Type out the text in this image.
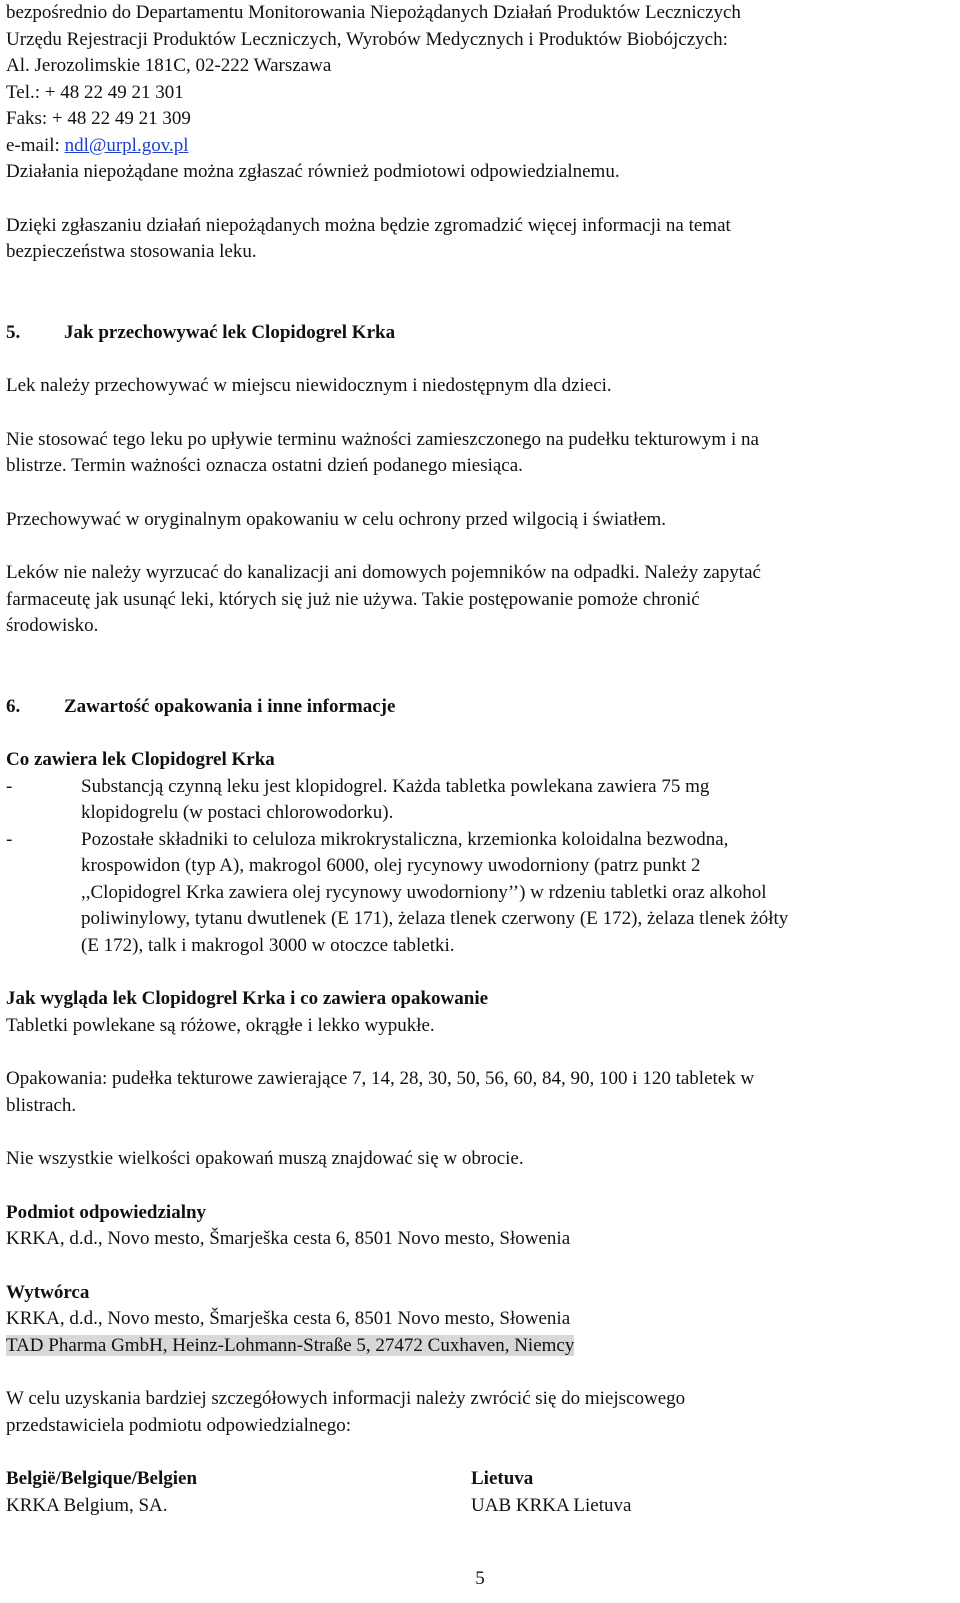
bezpośrednio do Departamentu Monitorowania Niepożądanych Działań Produktów Leczniczych
Urzędu Rejestracji Produktów Leczniczych, Wyrobów Medycznych i Produktów Biobójczych:
Al. Jerozolimskie 181C, 02-222 Warszawa
Tel.: + 48 22 49 21 301
Faks: + 48 22 49 21 309
e-mail: ndl@urpl.gov.pl
Działania niepożądane można zgłaszać również podmiotowi odpowiedzialnemu.
Dzięki zgłaszaniu działań niepożądanych można będzie zgromadzić więcej informacji na temat
bezpieczeństwa stosowania leku.
5. Jak przechowywać lek Clopidogrel Krka
Lek należy przechowywać w miejscu niewidocznym i niedostępnym dla dzieci.
Nie stosować tego leku po upływie terminu ważności zamieszczonego na pudełku tekturowym i na
blistrze. Termin ważności oznacza ostatni dzień podanego miesiąca.
Przechowywać w oryginalnym opakowaniu w celu ochrony przed wilgocią i światłem.
Leków nie należy wyrzucać do kanalizacji ani domowych pojemników na odpadki. Należy zapytać
farmaceutę jak usunąć leki, których się już nie używa. Takie postępowanie pomoże chronić
środowisko.
6. Zawartość opakowania i inne informacje
Co zawiera lek Clopidogrel Krka
-	Substancją czynną leku jest klopidogrel. Każda tabletka powlekana zawiera 75 mg
klopidogrelu (w postaci chlorowodorku).
-	Pozostałe składniki to celuloza mikrokrystaliczna, krzemionka koloidalna bezwodna,
krospowidon (typ A), makrogol 6000, olej rycynowy uwodorniony (patrz punkt 2
,,Clopidogrel Krka zawiera olej rycynowy uwodorniony’’) w rdzeniu tabletki oraz alkohol
poliwinylowy, tytanu dwutlenek (E 171), żelaza tlenek czerwony (E 172), żelaza tlenek żółty
(E 172), talk i makrogol 3000 w otoczce tabletki.
Jak wygląda lek Clopidogrel Krka i co zawiera opakowanie
Tabletki powlekane są różowe, okrągłe i lekko wypukłe.
Opakowania: pudełka tekturowe zawierające 7, 14, 28, 30, 50, 56, 60, 84, 90, 100 i 120 tabletek w
blistrach.
Nie wszystkie wielkości opakowań muszą znajdować się w obrocie.
Podmiot odpowiedzialny
KRKA, d.d., Novo mesto, Šmarješka cesta 6, 8501 Novo mesto, Słowenia
Wytwórca
KRKA, d.d., Novo mesto, Šmarješka cesta 6, 8501 Novo mesto, Słowenia
TAD Pharma GmbH, Heinz-Lohmann-Straße 5, 27472 Cuxhaven, Niemcy
W celu uzyskania bardziej szczegółowych informacji należy zwrócić się do miejscowego
przedstawiciela podmiotu odpowiedzialnego:
België/Belgique/Belgien
KRKA Belgium, SA.
Lietuva
UAB KRKA Lietuva
5
